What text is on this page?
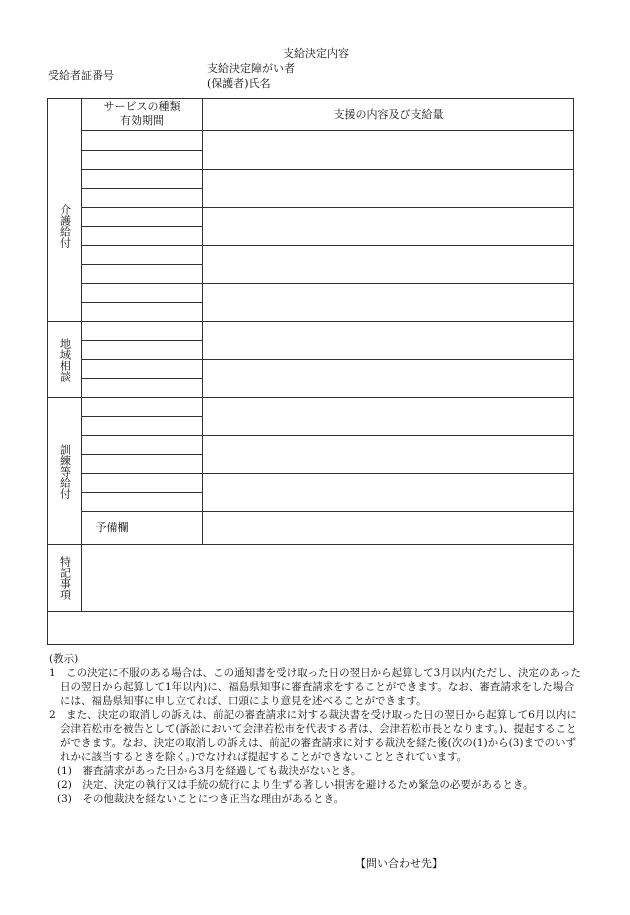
支給決定内容
受給者証番号
支給決定障がい者
(保護者)氏名
サービスの種類
有効期間	支援の内容及び支給量
介護給付
地域相談
訓練等給付
予備欄
特記事項

(教示)

1　この決定に不服のある場合は、この通知書を受け取った日の翌日から起算して3月以内(ただし、決定のあった日の翌日から起算して1年以内)に、福島県知事に審査請求をすることができます。なお、審査請求をした場合には、福島県知事に申し立てれば、口頭により意見を述べることができます。

2　また、決定の取消しの訴えは、前記の審査請求に対する裁決書を受け取った日の翌日から起算して6月以内に会津若松市を被告として(訴訟において会津若松市を代表する者は、会津若松市長となります。)、提起することができます。なお、決定の取消しの訴えは、前記の審査請求に対する裁決を経た後(次の(1)から(3)までのいずれかに該当するときを除く。)でなければ提起することができないこととされています。

(1)　審査請求があった日から3月を経過しても裁決がないとき。

(2)　決定、決定の執行又は手続の続行により生ずる著しい損害を避けるため緊急の必要があるとき。

(3)　その他裁決を経ないことにつき正当な理由があるとき。

【問い合わせ先】
